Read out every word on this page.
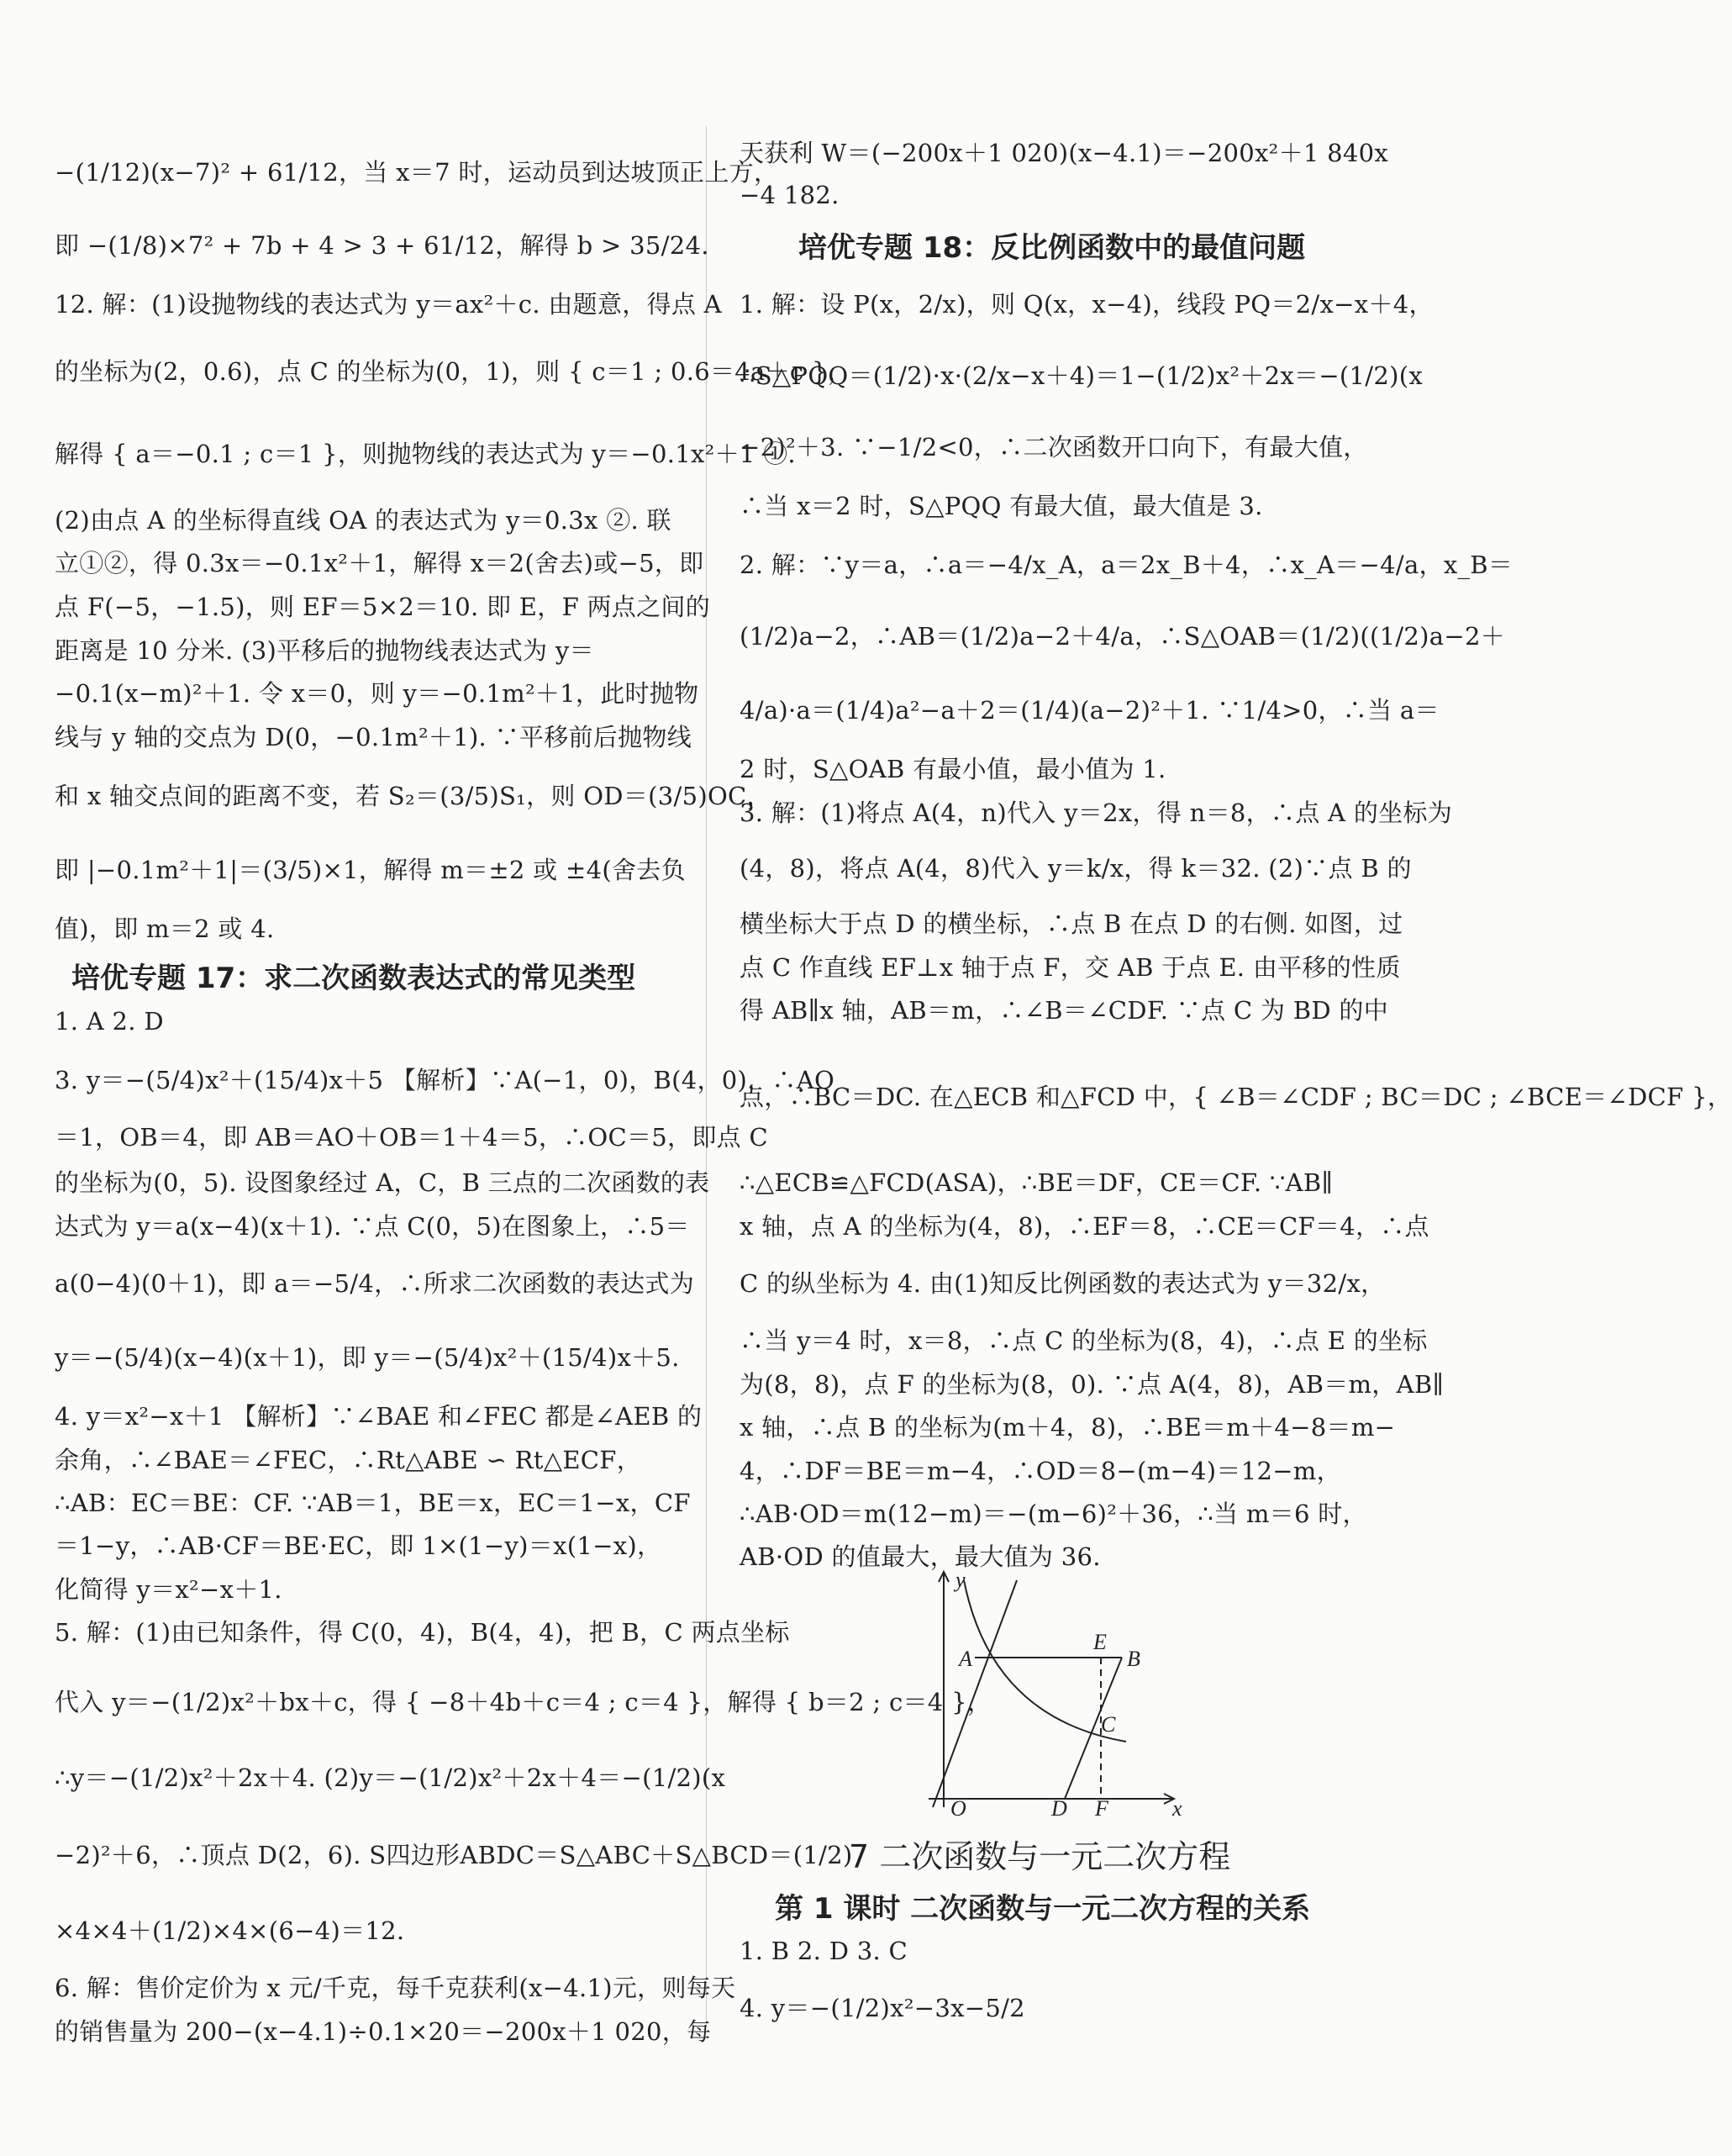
−(1/12)(x−7)² + 61/12，当 x＝7 时，运动员到达坡顶正上方，
即 −(1/8)×7² + 7b + 4 > 3 + 61/12，解得 b > 35/24.
12. 解：(1)设抛物线的表达式为 y＝ax²＋c. 由题意，得点 A
的坐标为(2，0.6)，点 C 的坐标为(0，1)，则 { c＝1 ; 0.6＝4a＋c }，
解得 { a＝−0.1 ; c＝1 }，则抛物线的表达式为 y＝−0.1x²＋1 ①.
(2)由点 A 的坐标得直线 OA 的表达式为 y＝0.3x ②. 联
立①②，得 0.3x＝−0.1x²＋1，解得 x＝2(舍去)或−5，即
点 F(−5，−1.5)，则 EF＝5×2＝10. 即 E，F 两点之间的
距离是 10 分米. (3)平移后的抛物线表达式为 y＝
−0.1(x−m)²＋1. 令 x＝0，则 y＝−0.1m²＋1，此时抛物
线与 y 轴的交点为 D(0，−0.1m²＋1). ∵平移前后抛物线
和 x 轴交点间的距离不变，若 S₂＝(3/5)S₁，则 OD＝(3/5)OC，
即 |−0.1m²＋1|＝(3/5)×1，解得 m＝±2 或 ±4(舍去负
值)，即 m＝2 或 4.
培优专题 17：求二次函数表达式的常见类型
1. A 2. D
3. y＝−(5/4)x²＋(15/4)x＋5 【解析】∵A(−1，0)，B(4，0)，∴AO
＝1，OB＝4，即 AB＝AO＋OB＝1＋4＝5，∴OC＝5，即点 C
的坐标为(0，5). 设图象经过 A，C，B 三点的二次函数的表
达式为 y＝a(x−4)(x＋1). ∵点 C(0，5)在图象上，∴5＝
a(0−4)(0＋1)，即 a＝−5/4，∴所求二次函数的表达式为
y＝−(5/4)(x−4)(x＋1)，即 y＝−(5/4)x²＋(15/4)x＋5.
4. y＝x²−x＋1 【解析】∵∠BAE 和∠FEC 都是∠AEB 的
余角，∴∠BAE＝∠FEC，∴Rt△ABE ∽ Rt△ECF，
∴AB：EC＝BE：CF. ∵AB＝1，BE＝x，EC＝1−x，CF
＝1−y，∴AB·CF＝BE·EC，即 1×(1−y)＝x(1−x)，
化简得 y＝x²−x＋1.
5. 解：(1)由已知条件，得 C(0，4)，B(4，4)，把 B，C 两点坐标
代入 y＝−(1/2)x²＋bx＋c，得 { −8＋4b＋c＝4 ; c＝4 }，解得 { b＝2 ; c＝4 }，
∴y＝−(1/2)x²＋2x＋4. (2)y＝−(1/2)x²＋2x＋4＝−(1/2)(x
−2)²＋6，∴顶点 D(2，6). S四边形ABDC＝S△ABC＋S△BCD＝(1/2)
×4×4＋(1/2)×4×(6−4)＝12.
6. 解：售价定价为 x 元/千克，每千克获利(x−4.1)元，则每天
的销售量为 200−(x−4.1)÷0.1×20＝−200x＋1 020，每
天获利 W＝(−200x＋1 020)(x−4.1)＝−200x²＋1 840x
−4 182.
培优专题 18：反比例函数中的最值问题
1. 解：设 P(x，2/x)，则 Q(x，x−4)，线段 PQ＝2/x−x＋4，
∴S△PQQ＝(1/2)·x·(2/x−x＋4)＝1−(1/2)x²＋2x＝−(1/2)(x
−2)²＋3. ∵−1/2<0，∴二次函数开口向下，有最大值，
∴当 x＝2 时，S△PQQ 有最大值，最大值是 3.
2. 解：∵y＝a，∴a＝−4/x_A，a＝2x_B＋4，∴x_A＝−4/a，x_B＝
(1/2)a−2，∴AB＝(1/2)a−2＋4/a，∴S△OAB＝(1/2)((1/2)a−2＋
4/a)·a＝(1/4)a²−a＋2＝(1/4)(a−2)²＋1. ∵1/4>0，∴当 a＝
2 时，S△OAB 有最小值，最小值为 1.
3. 解：(1)将点 A(4，n)代入 y＝2x，得 n＝8，∴点 A 的坐标为
(4，8)，将点 A(4，8)代入 y＝k/x，得 k＝32. (2)∵点 B 的
横坐标大于点 D 的横坐标，∴点 B 在点 D 的右侧. 如图，过
点 C 作直线 EF⊥x 轴于点 F，交 AB 于点 E. 由平移的性质
得 AB∥x 轴，AB＝m，∴∠B＝∠CDF. ∵点 C 为 BD 的中
点，∴BC＝DC. 在△ECB 和△FCD 中，{ ∠B＝∠CDF ; BC＝DC ; ∠BCE＝∠DCF }，
∴△ECB≌△FCD(ASA)，∴BE＝DF，CE＝CF. ∵AB∥
x 轴，点 A 的坐标为(4，8)，∴EF＝8，∴CE＝CF＝4，∴点
C 的纵坐标为 4. 由(1)知反比例函数的表达式为 y＝32/x，
∴当 y＝4 时，x＝8，∴点 C 的坐标为(8，4)，∴点 E 的坐标
为(8，8)，点 F 的坐标为(8，0). ∵点 A(4，8)，AB＝m，AB∥
x 轴，∴点 B 的坐标为(m＋4，8)，∴BE＝m＋4−8＝m−
4，∴DF＝BE＝m−4，∴OD＝8−(m−4)＝12−m，
∴AB·OD＝m(12−m)＝−(m−6)²＋36，∴当 m＝6 时，
AB·OD 的值最大，最大值为 36.
7 二次函数与一元二次方程
第 1 课时 二次函数与一元二次方程的关系
1. B 2. D 3. C
4. y＝−(1/2)x²−3x−5/2
y
x
O
A	B
C
D
E
F
